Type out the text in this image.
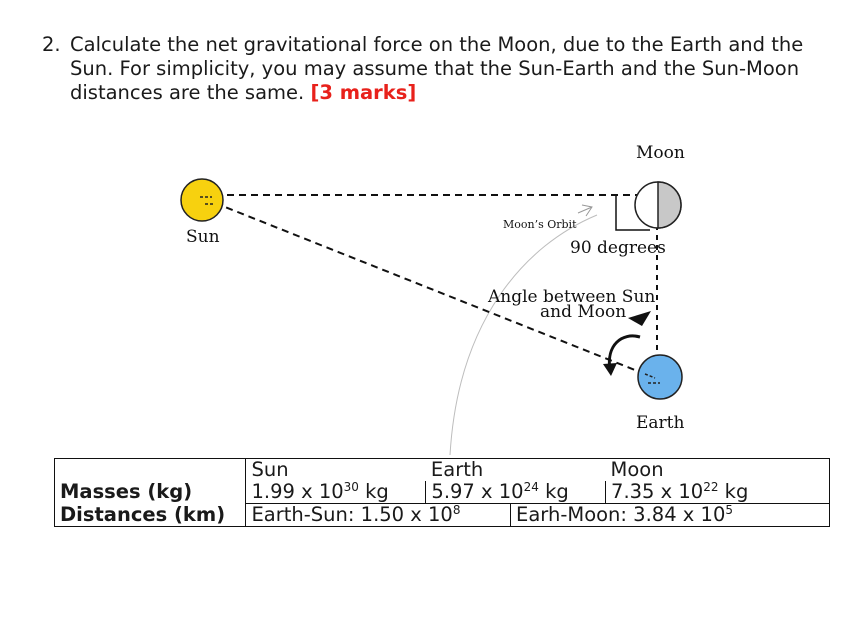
2. Calculate the net gravitational force on the Moon, due to the Earth and the Sun. For simplicity, you may assume that the Sun-Earth and the Sun-Moon distances are the same. [3 marks]
Moon
Sun
Earth
Moon’s Orbit
90 degrees
Angle between Sun
and Moon
	Sun	Earth	Moon
Masses (kg)	1.99 x $10^{30}$ kg	5.97 x $10^{24}$ kg	7.35 x $10^{22}$ kg
Distances (km)	Earth-Sun: 1.50 x $10^8$		Earh-Moon: 3.84 x $10^5$
